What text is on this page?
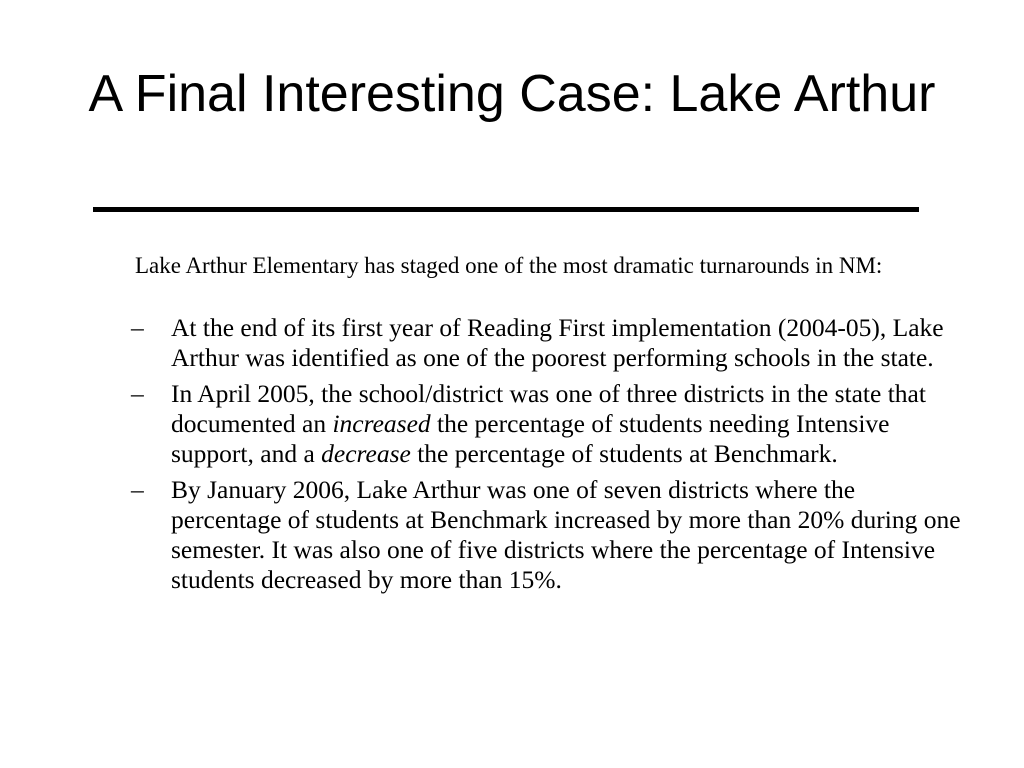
A Final Interesting Case: Lake Arthur

Lake Arthur Elementary has staged one of the most dramatic turnarounds in NM:

– At the end of its first year of Reading First implementation (2004-05), Lake Arthur was identified as one of the poorest performing schools in the state.
– In April 2005, the school/district was one of three districts in the state that documented an increased the percentage of students needing Intensive support, and a decrease the percentage of students at Benchmark.
– By January 2006, Lake Arthur was one of seven districts where the percentage of students at Benchmark increased by more than 20% during one semester. It was also one of five districts where the percentage of Intensive students decreased by more than 15%.
